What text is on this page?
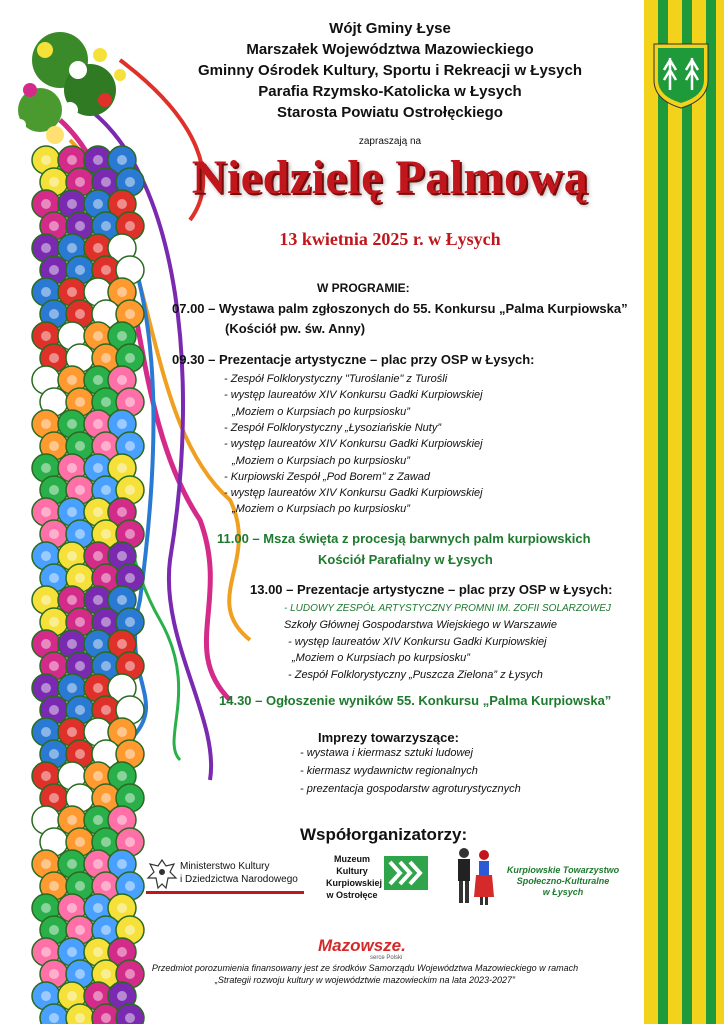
Wójt Gminy Łyse
Marszałek Województwa Mazowieckiego
Gminny Ośrodek Kultury, Sportu i Rekreacji w Łysych
Parafia Rzymsko-Katolicka w Łysych
Starosta Powiatu Ostrołęckiego
zapraszają na
Niedzielę Palmową
13 kwietnia 2025 r. w Łysych
W PROGRAMIE:
07.00 – Wystawa palm zgłoszonych do 55. Konkursu „Palma Kurpiowska”
(Kościół pw. św. Anny)
09.30 – Prezentacje artystyczne – plac przy OSP w Łysych:
- Zespół Folklorystyczny "Turoślanie" z Turośli
- występ laureatów XIV Konkursu Gadki Kurpiowskiej
„Moziem o Kurpsiach po kurpsiosku”
- Zespół Folklorystyczny „Łysoziańskie Nuty”
- występ laureatów XIV Konkursu Gadki Kurpiowskiej
„Moziem o Kurpsiach po kurpsiosku”
- Kurpiowski Zespół „Pod Borem” z Zawad
- występ laureatów XIV Konkursu Gadki Kurpiowskiej
„Moziem o Kurpsiach po kurpsiosku”
11.00 – Msza święta z procesją barwnych palm kurpiowskich
Kościół Parafialny w Łysych
13.00 – Prezentacje artystyczne – plac przy OSP w Łysych:
- LUDOWY ZESPÓŁ ARTYSTYCZNY PROMNI IM. ZOFII SOLARZOWEJ
Szkoły Głównej Gospodarstwa Wiejskiego w Warszawie
- występ laureatów XIV Konkursu Gadki Kurpiowskiej
„Moziem o Kurpsiach po kurpsiosku”
- Zespół Folklorystyczny „Puszcza Zielona” z Łysych
14.30 – Ogłoszenie wyników 55. Konkursu „Palma Kurpiowska”
Imprezy towarzyszące:
- wystawa i kiermasz sztuki ludowej
- kiermasz wydawnictw regionalnych
- prezentacja gospodarstw agroturystycznych
Współorganizatorzy:
Ministerstwo Kultury
i Dziedzictwa Narodowego
Muzeum
Kultury
Kurpiowskiej
w Ostrołęce
Kurpiowskie Towarzystwo
Społeczno-Kulturalne
w Łysych
Mazowsze.
serce Polski
Przedmiot porozumienia finansowany jest ze środków Samorządu Województwa Mazowieckiego w ramach
„Strategii rozwoju kultury w województwie mazowieckim na lata 2023-2027”
